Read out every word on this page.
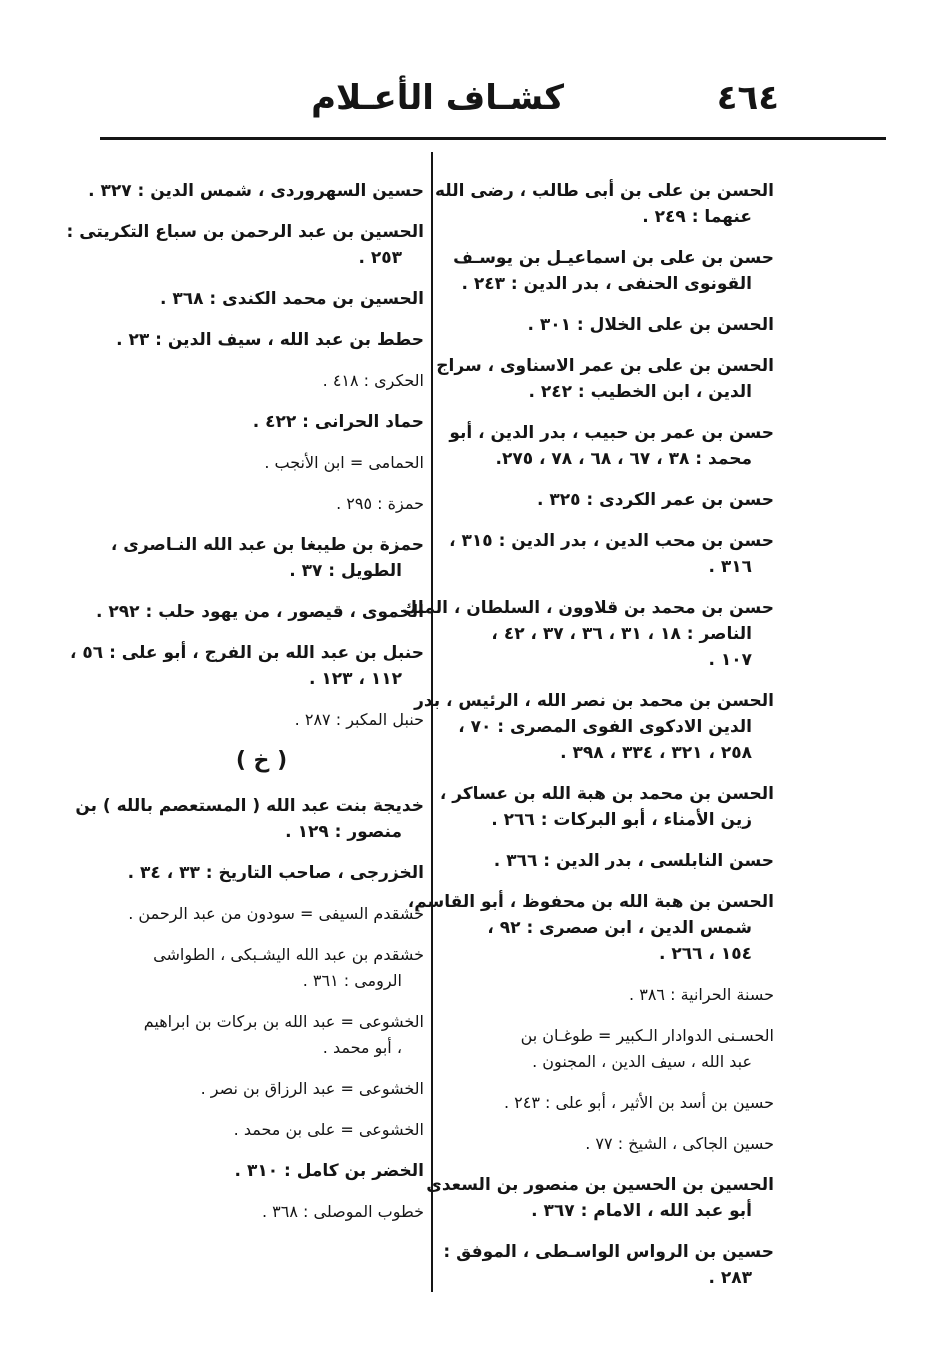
كشـاف الأعـلام	٤٦٤
الحسن بن على بن أبى طالب ، رضى الله
عنهما : ٢٤٩ .
حسن بن على بن اسماعيـل بن يوسـف
القونوى الحنفى ، بدر الدين : ٢٤٣ .
الحسن بن على الخلال : ٣٠١ .
الحسن بن على بن عمر الاسناوى ، سراج
الدين ، ابن الخطيب : ٢٤٢ .
حسن بن عمر بن حبيب ، بدر الدين ، أبو
محمد : ٣٨ ، ٦٧ ، ٦٨ ، ٧٨ ، ٢٧٥.
حسن بن عمر الكردى : ٣٢٥ .
حسن بن محب الدين ، بدر الدين : ٣١٥ ،
٣١٦ .
حسن بن محمد بن قلاوون ، السلطان ، الملك
الناصر : ١٨ ، ٣١ ، ٣٦ ، ٣٧ ، ٤٢ ،
١٠٧ .
الحسن بن محمد بن نصر الله ، الرئيس ، بدر
الدين الادكوى الفوى المصرى : ٧٠ ،
٢٥٨ ، ٣٢١ ، ٣٣٤ ، ٣٩٨ .
الحسن بن محمد بن هبة الله بن عساكر ،
زين الأمناء ، أبو البركات : ٢٦٦ .
حسن النابلسى ، بدر الدين : ٣٦٦ .
الحسن بن هبة الله بن محفوظ ، أبو القاسم،
شمس الدين ، ابن صصرى : ٩٢ ،
١٥٤ ، ٢٦٦ .
حسنة الحرانية : ٣٨٦ .
الحسـنى الدوادار الـكبير = طوغـان بن
عبد الله ، سيف الدين ، المجنون .
حسين بن أسد بن الأثير ، أبو على : ٢٤٣ .
حسين الجاكى ، الشيخ : ٧٧ .
الحسين بن الحسين بن منصور بن السعدى
أبو عبد الله ، الامام : ٣٦٧ .
حسين بن الرواس الواسـطى ، الموفق :
٢٨٣ .
حسين السهروردى ، شمس الدين : ٣٢٧ .
الحسين بن عبد الرحمن بن سباع التكريتى :
٢٥٣ .
الحسين بن محمد الكندى : ٣٦٨ .
حطط بن عبد الله ، سيف الدين : ٢٣ .
الحكرى : ٤١٨ .
حماد الحرانى : ٤٢٢ .
الحمامى = ابن الأنجب .
حمزة : ٢٩٥ .
حمزة بن طيبغا بن عبد الله النـاصرى ،
الطويل : ٣٧ .
الحموى ، قيصور ، من يهود حلب : ٢٩٢ .
حنبل بن عبد الله بن الفرج ، أبو على : ٥٦ ،
١١٢ ، ١٢٣ .
حنبل المكبر : ٢٨٧ .
( خ )
خديجة بنت عبد الله ( المستعصم بالله ) بن
منصور : ١٢٩ .
الخزرجى ، صاحب التاريخ : ٣٣ ، ٣٤ .
خشقدم السيفى = سودون من عبد الرحمن .
خشقدم بن عبد الله اليشـبكى ، الطواشى
الرومى : ٣٦١ .
الخشوعى = عبد الله بن بركات بن ابراهيم
، أبو محمد .
الخشوعى = عبد الرزاق بن نصر .
الخشوعى = على بن محمد .
الخضر بن كامل : ٣١٠ .
خطوب الموصلى : ٣٦٨ .
